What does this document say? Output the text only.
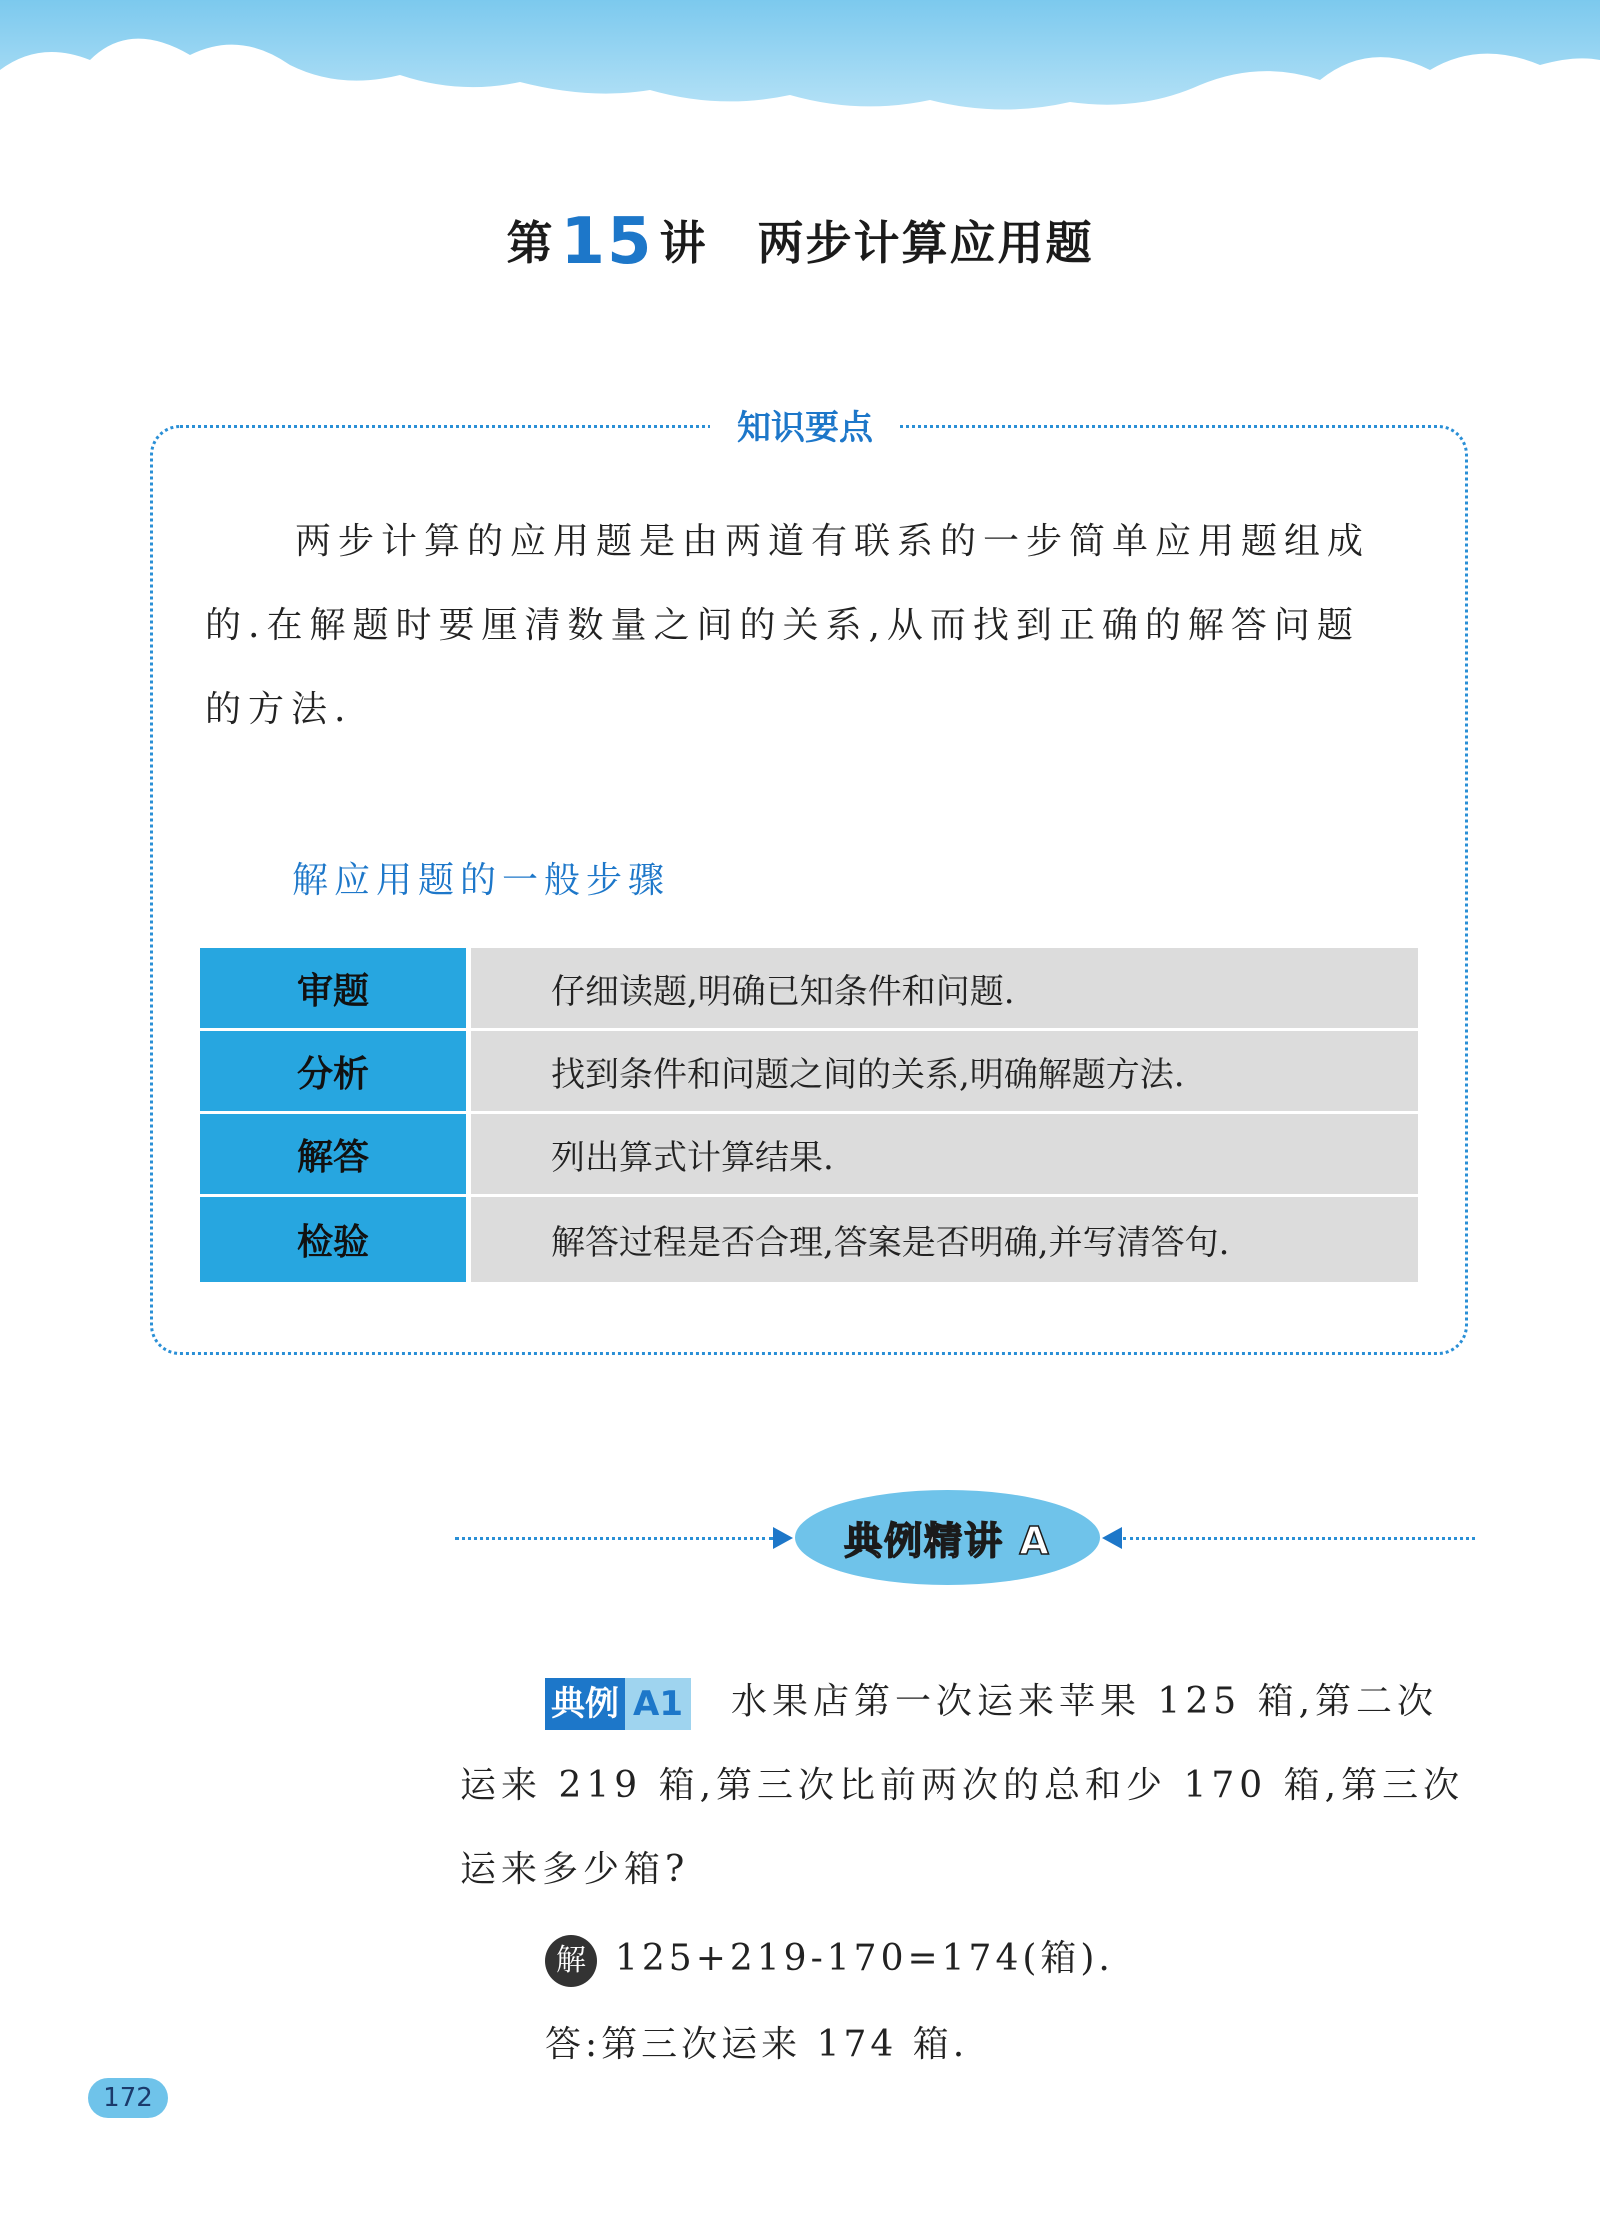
第15 讲 两步计算应用题
知识要点

两步计算的应用题是由两道有联系的一步简单应用题组成

的.在解题时要厘清数量之间的关系,从而找到正确的解答问题

的方法.

解应用题的一般步骤
审题	仔细读题,明确已知条件和问题.
分析	找到条件和问题之间的关系,明确解题方法.
解答	列出算式计算结果.
检验	解答过程是否合理,答案是否明确,并写清答句.
典例精讲 A

典例 A1 水果店第一次运来苹果 125 箱,第二次

运来 219 箱,第三次比前两次的总和少 170 箱,第三次

运来多少箱?

解 125+219-170=174(箱).

答:第三次运来 174 箱.

172
